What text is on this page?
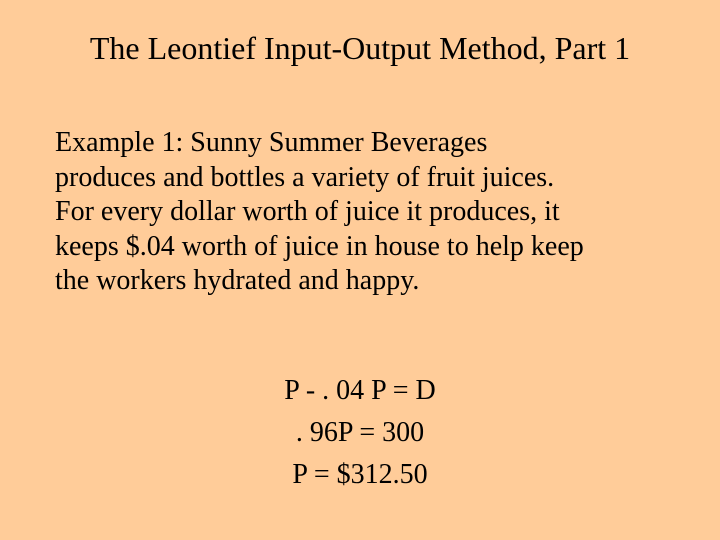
The Leontief Input-Output Method, Part 1
Example 1: Sunny Summer Beverages
produces and bottles a variety of fruit juices.
For every dollar worth of juice it produces, it
keeps $.04 worth of juice in house to help keep
the workers hydrated and happy.
P - . 04 P = D
. 96P = 300
P = $312.50
